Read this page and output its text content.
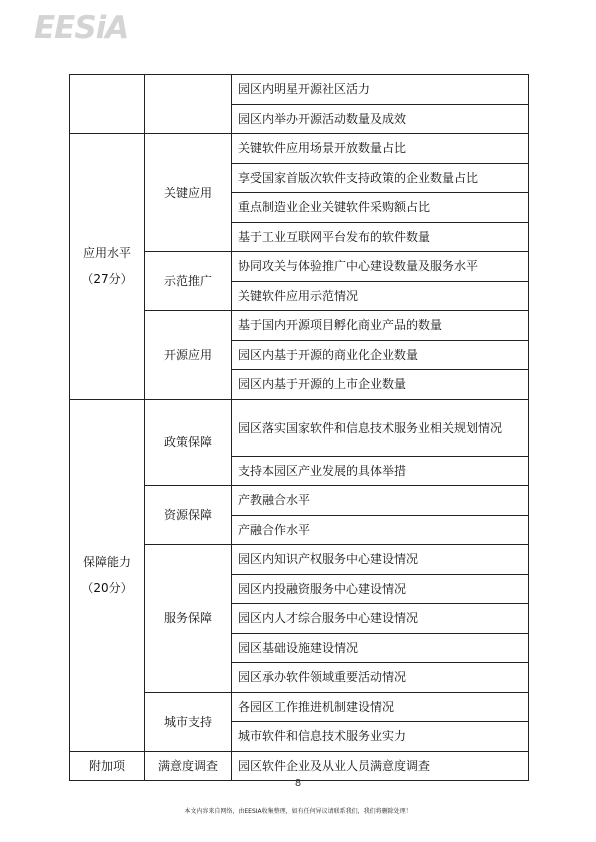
EESiA
		园区内明星开源社区活力
		园区内举办开源活动数量及成效

应用水平
（27分）	关键应用	关键软件应用场景开放数量占比
		享受国家首版次软件支持政策的企业数量占比
		重点制造业企业关键软件采购额占比
		基于工业互联网平台发布的软件数量
	示范推广	协同攻关与体验推广中心建设数量及服务水平
		关键软件应用示范情况
	开源应用	基于国内开源项目孵化商业产品的数量
		园区内基于开源的商业化企业数量
		园区内基于开源的上市企业数量

保障能力
（20分）	政策保障	园区落实国家软件和信息技术服务业相关规划情况
		支持本园区产业发展的具体举措
	资源保障	产教融合水平
		产融合作水平
	服务保障	园区内知识产权服务中心建设情况
		园区内投融资服务中心建设情况
		园区内人才综合服务中心建设情况
		园区基础设施建设情况
		园区承办软件领域重要活动情况
	城市支持	各园区工作推进机制建设情况
		城市软件和信息技术服务业实力
附加项	满意度调查	园区软件企业及从业人员满意度调查
8
本文内容来自网络，由EESIA收集整理，如有任何异议请联系我们，我们将删除处理！
